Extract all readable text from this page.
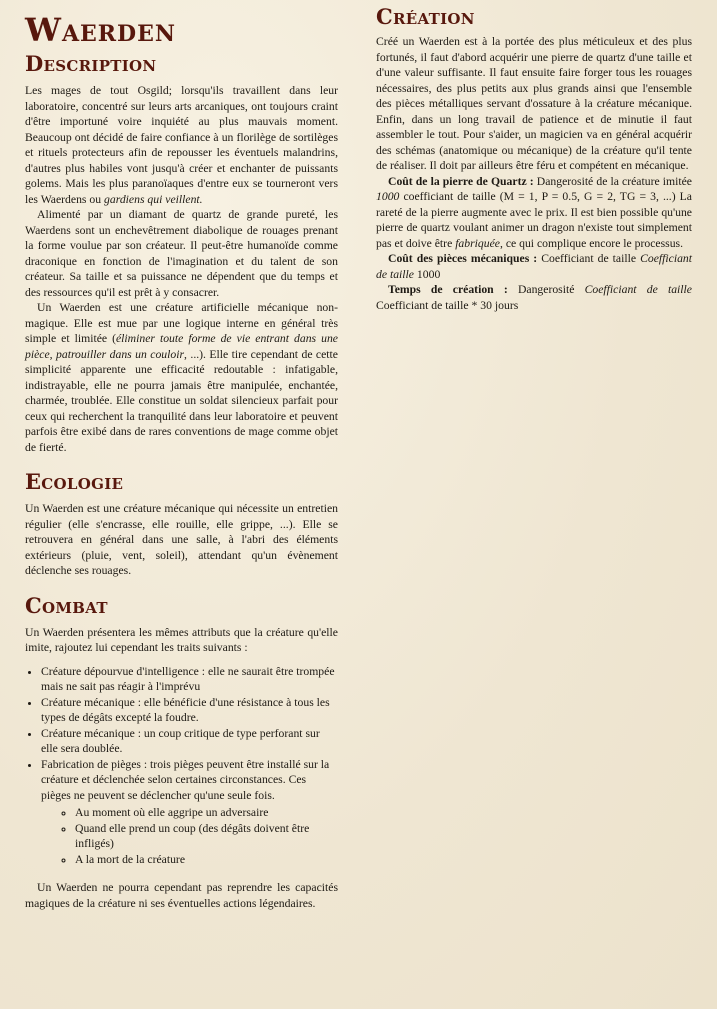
Waerden
Description

Les mages de tout Osgild; lorsqu'ils travaillent dans leur laboratoire, concentré sur leurs arts arcaniques, ont toujours craint d'être importuné voire inquiété au plus mauvais moment. Beaucoup ont décidé de faire confiance à un florilège de sortilèges et rituels protecteurs afin de repousser les éventuels malandrins, d'autres plus habiles vont jusqu'à créer et enchanter de puissants golems. Mais les plus paranoïaques d'entre eux se tourneront vers les Waerdens ou gardiens qui veillent.

Alimenté par un diamant de quartz de grande pureté, les Waerdens sont un enchevêtrement diabolique de rouages prenant la forme voulue par son créateur. Il peut-être humanoïde comme draconique en fonction de l'imagination et du talent de son créateur. Sa taille et sa puissance ne dépendent que du temps et des ressources qu'il est prêt à y consacrer.

Un Waerden est une créature artificielle mécanique non-magique. Elle est mue par une logique interne en général très simple et limitée (éliminer toute forme de vie entrant dans une pièce, patrouiller dans un couloir, ...). Elle tire cependant de cette simplicité apparente une efficacité redoutable : infatigable, indistrayable, elle ne pourra jamais être manipulée, enchantée, charmée, troublée. Elle constitue un soldat silencieux parfait pour ceux qui recherchent la tranquilité dans leur laboratoire et peuvent parfois être exibé dans de rares conventions de mage comme objet de fierté.

Ecologie

Un Waerden est une créature mécanique qui nécessite un entretien régulier (elle s'encrasse, elle rouille, elle grippe, ...). Elle se retrouvera en général dans une salle, à l'abri des éléments extérieurs (pluie, vent, soleil), attendant qu'un évènement déclenche ses rouages.

Combat

Un Waerden présentera les mêmes attributs que la créature qu'elle imite, rajoutez lui cependant les traits suivants :

• Créature dépourvue d'intelligence : elle ne saurait être trompée mais ne sait pas réagir à l'imprévu
• Créature mécanique : elle bénéficie d'une résistance à tous les types de dégâts excepté la foudre.
• Créature mécanique : un coup critique de type perforant sur elle sera doublée.
• Fabrication de pièges : trois pièges peuvent être installé sur la créature et déclenchée selon certaines circonstances. Ces pièges ne peuvent se déclencher qu'une seule fois.
◦ Au moment où elle aggripe un adversaire
◦ Quand elle prend un coup (des dégâts doivent être infligés)
◦ A la mort de la créature

Un Waerden ne pourra cependant pas reprendre les capacités magiques de la créature ni ses éventuelles actions légendaires.

Création

Créé un Waerden est à la portée des plus méticuleux et des plus fortunés, il faut d'abord acquérir une pierre de quartz d'une taille et d'une valeur suffisante. Il faut ensuite faire forger tous les rouages nécessaires, des plus petits aux plus grands ainsi que l'ensemble des pièces métalliques servant d'ossature à la créature mécanique. Enfin, dans un long travail de patience et de minutie il faut assembler le tout. Pour s'aider, un magicien va en général acquérir des schémas (anatomique ou mécanique) de la créature qu'il tente de réaliser. Il doit par ailleurs être féru et compétent en mécanique.

Coût de la pierre de Quartz : Dangerosité de la créature imitée 1000 coefficiant de taille (M = 1, P = 0.5, G = 2, TG = 3, ...) La rareté de la pierre augmente avec le prix. Il est bien possible qu'une pierre de quartz voulant animer un dragon n'existe tout simplement pas et doive être fabriquée, ce qui complique encore le processus.

Coût des pièces mécaniques : Coefficiant de taille Coefficiant de taille 1000

Temps de création : Dangerosité Coefficiant de taille Coefficiant de taille * 30 jours
